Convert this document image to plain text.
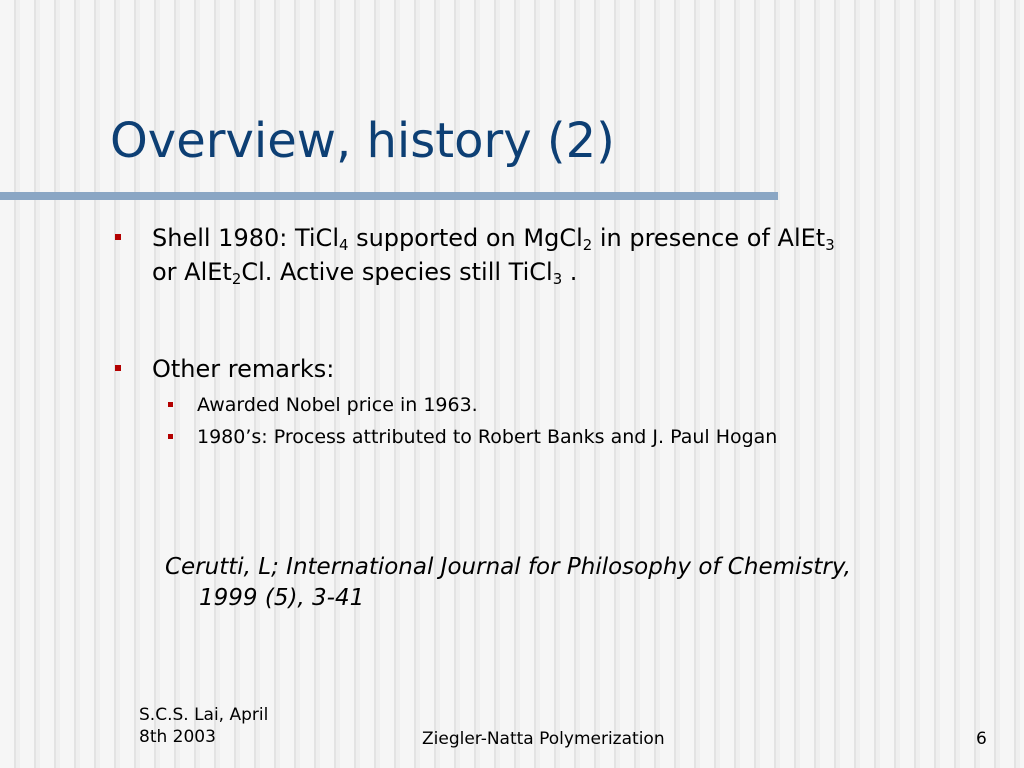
Overview, history (2)
Shell 1980: TiCl$_4$ supported on MgCl$_2$ in presence of AlEt$_3$
or AlEt$_2$Cl. Active species still TiCl$_3$ .
Other remarks:
Awarded Nobel price in 1963.
1980’s: Process attributed to Robert Banks and J. Paul Hogan
Cerutti, L; International Journal for Philosophy of Chemistry,
1999 (5), 3-41
S.C.S. Lai, April
8th 2003	Ziegler-Natta Polymerization	6
